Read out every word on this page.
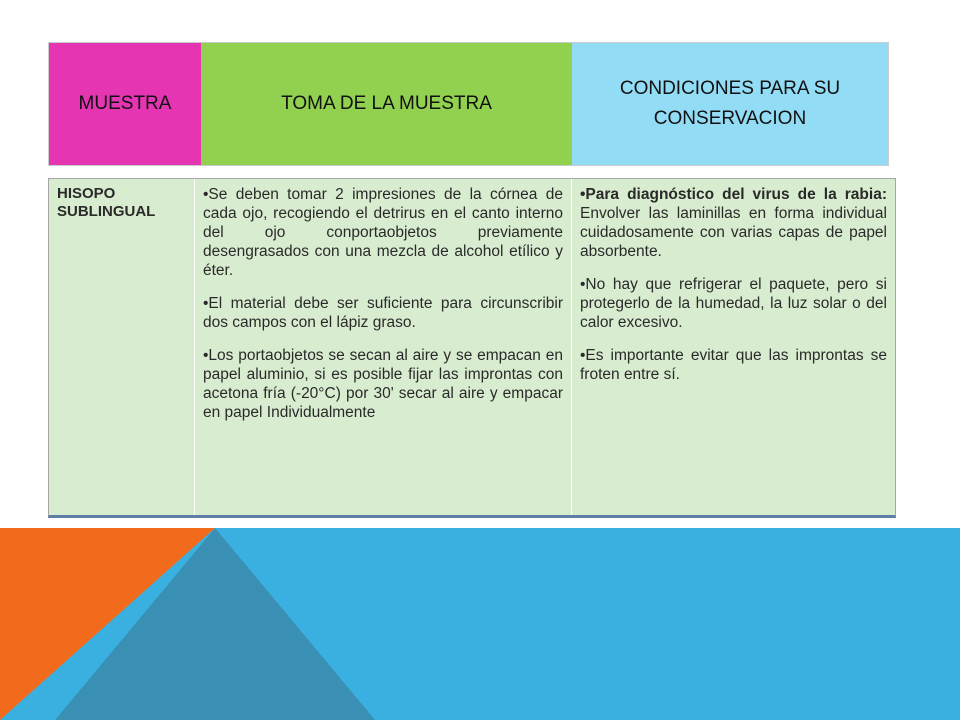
MUESTRA	TOMA DE LA MUESTRA
CONDICIONES PARA SU CONSERVACION
HISOPO
SUBLINGUAL

•Se deben tomar 2 impresiones de la córnea de cada ojo, recogiendo el detrirus en el canto interno del ojo conportaobjetos previamente desengrasados con una mezcla de alcohol etílico y éter.

•El material debe ser suficiente para circunscribir dos campos con el lápiz graso.

•Los portaobjetos se secan al aire y se empacan en papel aluminio, si es posible fijar las improntas con acetona fría (-20°C) por 30' secar al aire y empacar en papel Individualmente

•Para diagnóstico del virus de la rabia: Envolver las laminillas en forma individual cuidadosamente con varias capas de papel absorbente.

•No hay que refrigerar el paquete, pero si protegerlo de la humedad, la luz solar o del calor excesivo.

•Es importante evitar que las improntas se froten entre sí.
